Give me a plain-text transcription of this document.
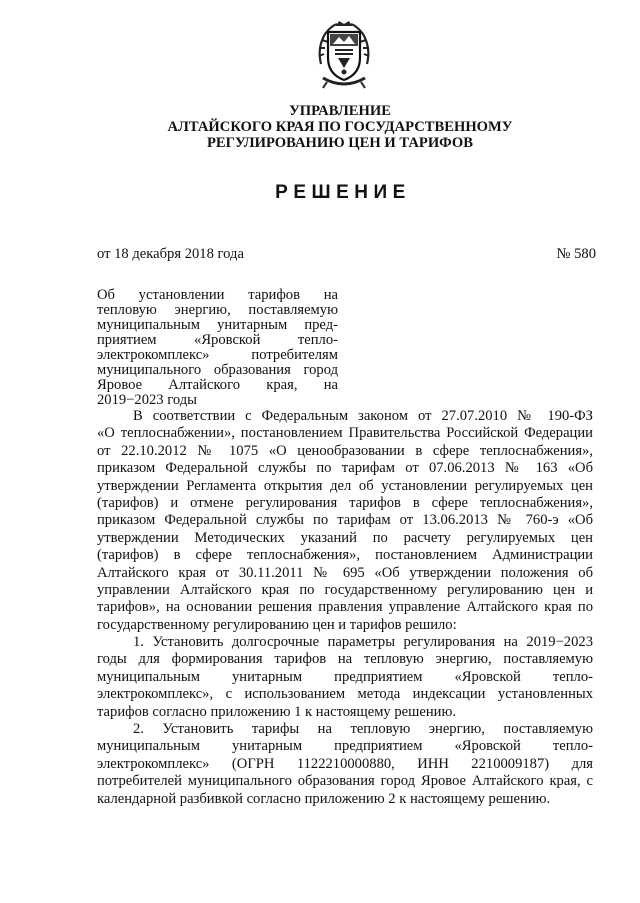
УПРАВЛЕНИЕ
АЛТАЙСКОГО КРАЯ ПО ГОСУДАРСТВЕННОМУ
РЕГУЛИРОВАНИЮ ЦЕН И ТАРИФОВ
РЕШЕНИЕ
от 18 декабря 2018 года	№ 580
Об установлении тарифов на
тепловую энергию, поставляемую
муниципальным унитарным пред-
приятием «Яровской тепло-
электрокомплекс» потребителям
муниципального образования город
Яровое Алтайского края, на
2019−2023 годы
В соответствии с Федеральным законом от 27.07.2010 № 190-ФЗ
«О теплоснабжении», постановлением Правительства Российской Федерации
от 22.10.2012 № 1075 «О ценообразовании в сфере теплоснабжения»,
приказом Федеральной службы по тарифам от 07.06.2013 № 163 «Об
утверждении Регламента открытия дел об установлении регулируемых цен
(тарифов) и отмене регулирования тарифов в сфере теплоснабжения»,
приказом Федеральной службы по тарифам от 13.06.2013 № 760-э «Об
утверждении Методических указаний по расчету регулируемых цен
(тарифов) в сфере теплоснабжения», постановлением Администрации
Алтайского края от 30.11.2011 № 695 «Об утверждении положения об
управлении Алтайского края по государственному регулированию цен и
тарифов», на основании решения правления управление Алтайского края по
государственному регулированию цен и тарифов решило:
1. Установить долгосрочные параметры регулирования на 2019−2023
годы для формирования тарифов на тепловую энергию, поставляемую
муниципальным унитарным предприятием «Яровской тепло-
электрокомплекс», с использованием метода индексации установленных
тарифов согласно приложению 1 к настоящему решению.
2. Установить тарифы на тепловую энергию, поставляемую
муниципальным унитарным предприятием «Яровской тепло-
электрокомплекс» (ОГРН 1122210000880, ИНН 2210009187) для
потребителей муниципального образования город Яровое Алтайского края, с
календарной разбивкой согласно приложению 2 к настоящему решению.
